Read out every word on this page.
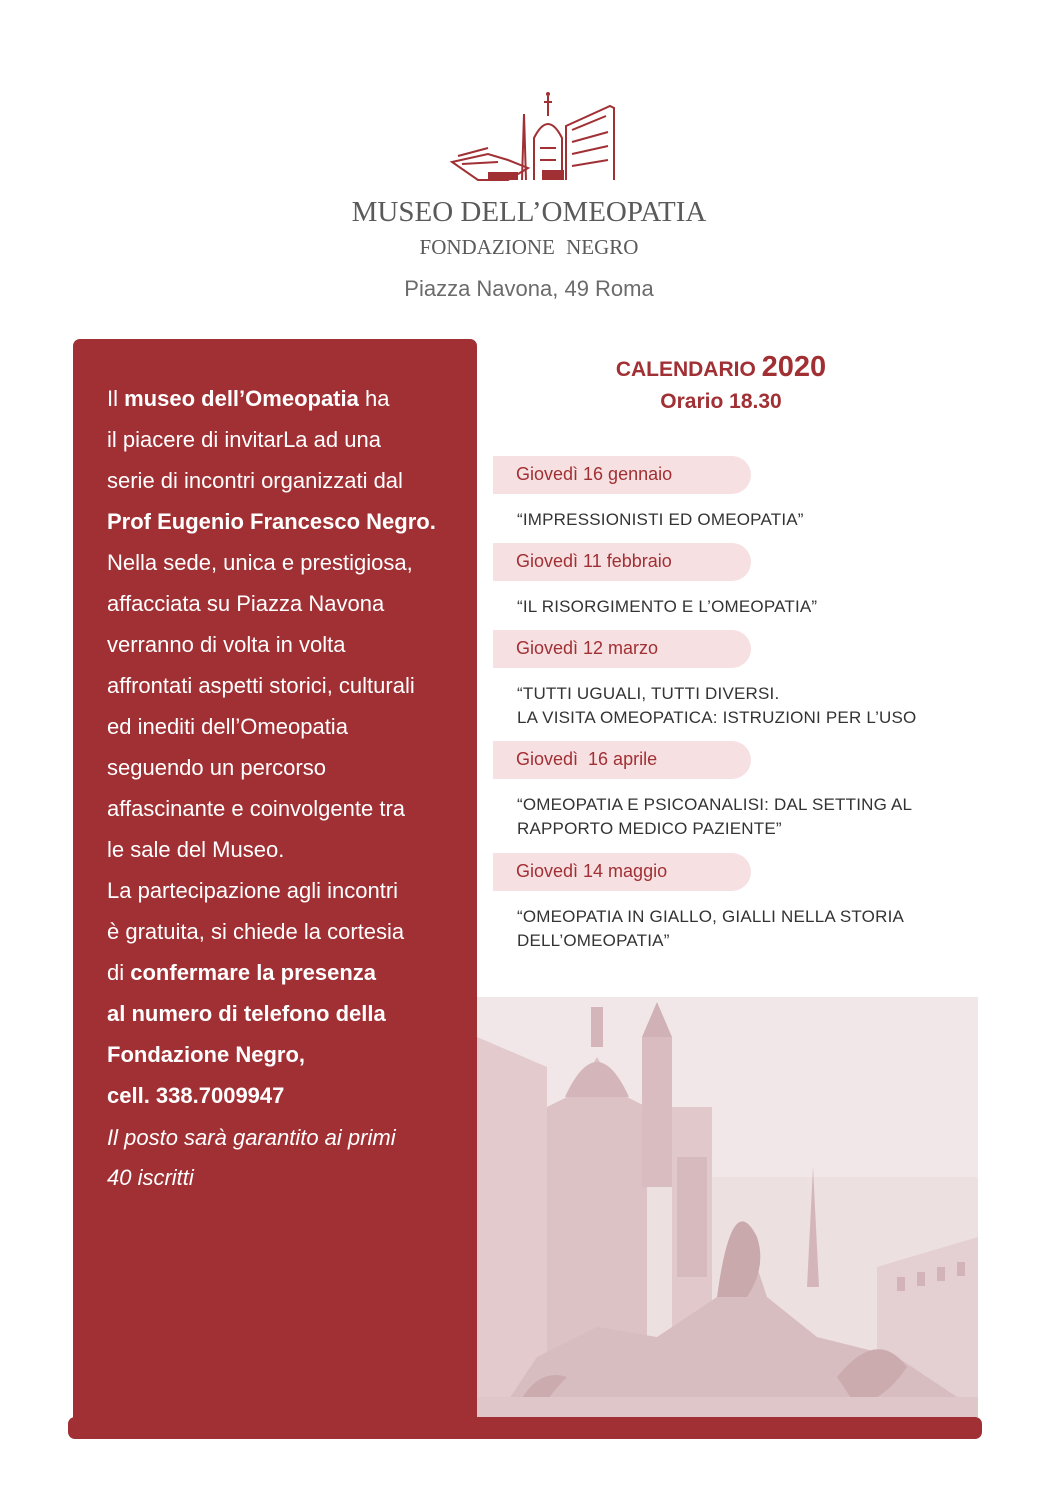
MUSEO DELL’OMEOPATIA
FONDAZIONE NEGRO
Piazza Navona, 49 Roma

Il museo dell’Omeopatia ha

il piacere di invitarLa ad una

serie di incontri organizzati dal

Prof Eugenio Francesco Negro.

Nella sede, unica e prestigiosa,

affacciata su Piazza Navona

verranno di volta in volta

affrontati aspetti storici, culturali

ed inediti dell’Omeopatia

seguendo un percorso

affascinante e coinvolgente tra

le sale del Museo.

La partecipazione agli incontri

è gratuita, si chiede la cortesia

di confermare la presenza

al numero di telefono della

Fondazione Negro,

cell. 338.7009947

Il posto sarà garantito ai primi

40 iscritti

CALENDARIO 2020
Orario 18.30
Giovedì 16 gennaio
“IMPRESSIONISTI ED OMEOPATIA”
Giovedì 11 febbraio
“IL RISORGIMENTO E L’OMEOPATIA”
Giovedì 12 marzo
“TUTTI UGUALI, TUTTI DIVERSI.
LA VISITA OMEOPATICA: ISTRUZIONI PER L’USO
Giovedì  16 aprile
“OMEOPATIA E PSICOANALISI: DAL SETTING AL
RAPPORTO MEDICO PAZIENTE”
Giovedì 14 maggio
“OMEOPATIA IN GIALLO, GIALLI NELLA STORIA
DELL’OMEOPATIA”
